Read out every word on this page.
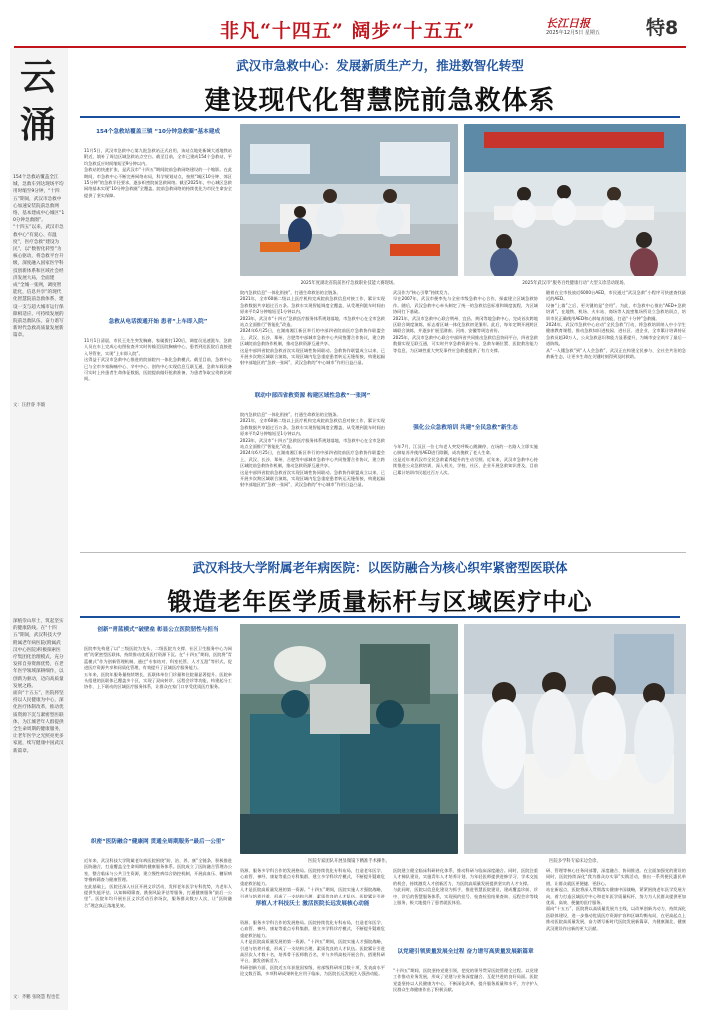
非凡“十四五” 阔步“十五五”	长江日报
2025年12月5日 星期五 特8
云
涌
154个急救站覆盖全江城，急救车到达现场平均用时缩至9分钟，“十四五”期间，武汉市急救中心加速安装院前急救网络，基本建成中心城区“10分钟急救圈”。
“十四五”以来，武汉市急救中心“有爱心、有温度”，医疗急救“建设为民”，以“数智化转型”为核心驱动，将急救平台升级，深度融入国家医学科技创新体系和区域社会经济发展大局，全面建成“全城一张网，调度智能化，信息共享”的现代化智慧院前急救体系，建设一支与超大城市运行保障相适应、可持续发展的院前急救队伍。奋力谱写新时代急救高质量发展新篇章。
文：汪舒睿 李璇
深植崇山厚土，筑起坚实的健康防线。在“十四五”期间，武汉科技大学附属老年病医院(附属武汉中心医院)积极探索医疗集团化治理模式，充分发挥自身资源优势，在老年医学领域深耕细作，以创新为驱动，迈向高质量发展之路。
面向“十五五”，医院将坚持以人民健康为中心，深化医疗体制改革，推动优质资源下沉与紧密型医联体，为江城老年人群提供全生命周期的健康服务，让老年医学之光照亮更多家庭，续写健康中国武汉新篇章。
文：齐鹏 张晓慧 程也佳
武汉市急救中心：发展新质生产力，推进数智化转型
建设现代化智慧院前急救体系
2025年度湖北省院前医疗急救职业技能大赛现场。	2025年武汉市“服务百姓健康行动”大型义诊活动现场。
154个急救站覆盖三镇 “10分钟急救圈”基本建成
11月5日，武汉市急救中心第九批急救站正式启用，该站点地处新城大道地铁站附近，填补了周边区域急救站点空白。截至目前，全市已建成154个急救站，平均急救反应时间缩短至9分钟以内。
急救站的快速扩张，是武汉市“十四五”期间院前急救网络建设的一个缩影。在此期间，市急救中心不断完善网络布局，科学规划站点，按照“城区10分钟、郊区15分钟”的急救半径要求，逐步织密院前急救网络。截至2025年，中心城区急救网络基本实现“10分钟急救圈”全覆盖。院前急救网络的持续优化为市民生命安全提供了坚实保障。
急救从电话拨通开始 患者“上车即入院”
11月1日清晨，市民王先生突发胸痛，家属拨打120后，调度员迅速派车，急救人员在车上完成心电图检查并实时传输至医院胸痛中心，患者到达医院后直接进入导管室，实现“上车即入院”。
这得益于武汉市急救中心推进的院前院内一体化急救模式。截至目前，急救中心已与全市多家胸痛中心、卒中中心、创伤中心实现信息互联互通，急救车载设备可实时上传患者生命体征数据，医院提前做好抢救准备，为患者争取宝贵救治时间。
院内急救信息“一体化衔接”，打通生命救治的全链条。
2021年，全市60辆二级以上医疗机构完成院前急救信息对接工作，累计实现急救数据共享超过百万条。急救车实现智能调度全覆盖，从受理到派车时间由原来平均2分钟缩短至1分钟以内。
2023年，武汉市“十四五”急救医疗服务体系规划落地，市急救中心在全市急救站点全面推行“智能化”改造。
2024年6月25日，在湖南湘江新区举行的中部四省院前医疗急救协作联盟会上，武汉、长沙、郑州、合肥等中部城市急救中心共同签署合作协议，建立跨区域院前急救协作机制，推动急救资源互通共享。
这是中部四省院前急救首次实现区域性协同联动。急救协作联盟成立以来，已开展多次跨区域联合演练，实现区域内危急重症患者转运无缝衔接，构建起辐射中部地区的“急救一张网”，武汉急救的“中心城市”作用日益凸显。
联动中部四省救资源 构建区域性急救“一张网”
院内急救信息“一体化衔接”，打通生命救治的全链条。
2021年，全市60辆二级以上医疗机构完成院前急救信息对接工作，累计实现急救数据共享超过百万条。急救车实现智能调度全覆盖，从受理到派车时间由原来平均2分钟缩短至1分钟以内。
2023年，武汉市“十四五”急救医疗服务体系规划落地，市急救中心在全市急救站点全面推行“智能化”改造。
2024年6月25日，在湖南湘江新区举行的中部四省院前医疗急救协作联盟会上，武汉、长沙、郑州、合肥等中部城市急救中心共同签署合作协议，建立跨区域院前急救协作机制，推动急救资源互通共享。
这是中部四省院前急救首次实现区域性协同联动。急救协作联盟成立以来，已开展多次跨区域联合演练，实现区域内危急重症患者转运无缝衔接，构建起辐射中部地区的“急救一张网”，武汉急救的“中心城市”作用日益凸显。
武汉作为“核心引擎”持续发力。
早在2007年，武汉市便率先与全省市级急救中心合作，探索建立区域急救协作。随后，武汉急救中心牵头制定了统一的急救信息标准和调度流程，为区域协同打下基础。
2021年，武汉市急救中心联合荆州、宜昌、黄冈等地急救中心，完成首次跨地区联合调度演练，标志着区域一体化急救初见雏形。此后，每年定期开展跨区域联合演练，并逐步扩展至湖南、河南、安徽等周边省份。
2025年，武汉市急救中心联合中部四省共同推出急救信息协同平台，四省急救数据实现互联互通，可实时共享急救资源分布、急救车辆位置、医院救治能力等信息，为区域性重大突发事件应急救援提供了有力支撑。
强化公众急救培训 共建“全民急救”新生态
今年7月，江汉区一位七旬老人突发呼吸心跳骤停，在场的一名路人立即实施心肺复苏并使用AED进行除颤，成功挽救了老人生命。
这是近年来武汉市全民急救素养提升的生动写照。近年来，武汉市急救中心持续推进公众急救培训，深入机关、学校、社区、企业开展急救知识普及，目前已累计培训市民超过百万人次。
随着在全市投放近6000台AED，市民通过“武汉急救”小程序可快速查找最近的AED。
设备“上墙”之后，更关键的是“会用”。为此，市急救中心推出“AED+急救培训”，在地铁、机场、火车站、商场等人流密集场所设立急救培训点，培训市民正确使用AED和心肺复苏技能，打造“十分钟”急救圈。
2024年，武汉市急救中心启动“全民急救”行动，将急救培训纳入中小学生健康教育课程，推动急救知识进校园、进社区、进企业，全市累计培训持证急救员超30万人，公众急救意识和能力显著提升，为城市安全筑牢了最后一道防线。
从“一人懂急救”到“人人会急救”，武汉正在构建全民参与、全社会共治的急救新生态，让更多生命在关键时刻得到及时救助。
武汉科技大学附属老年病医院：以医防融合为核心织牢紧密型医联体
锻造老年医学质量标杆与区域医疗中心
医院专家团队开展显微镜下精准手术操作。	医院多学科专家床边会诊。
创新“青蓝模式”破壁垒 彰显公立医院韧性与担当
医院率先构建了以“三级医院为龙头、二级医院为支撑、社区卫生服务中心为网底”的紧密型医联体，持续推动优质医疗资源下沉。在“十四五”期间，医院将“青蓝模式”作为创新管理机制，通过“专家结对、科室托管、人才互派”等形式，促进医疗资源共享和同质化管理，有效提升了区域医疗服务能力。
五年来，医院年服务量持续增长，医联体单位门诊量和住院量显著提升。医院牵头组建的医联体已覆盖多个区，实现了双向转诊、远程会诊等功能，构建起分工协作、上下联动的区域医疗服务体系，让群众在家门口享受优质医疗服务。
织密“医防融合”健康网 贯通全周期服务“最后一公里”
近年来，武汉科技大学附属老年病医院围绕“防、治、养、康”全链条，积极推进医防融合，打造覆盖全生命周期的健康服务体系。医院成立了医防融合管理办公室，整合临床与公共卫生资源，建立慢性病综合防控机制，开展高血压、糖尿病等慢病筛查与健康管理。
在此基础上，医院还深入社区开展义诊活动，发挥老年医学专科优势，为老年人提供失能评估、认知障碍筛查、跌倒风险评估等服务，打通健康服务“最后一公里”。医院年均开展社区义诊活动百余场次，服务群众数万人次，让“医防融合”理念真正落地见效。	厚植人才科技沃土 激活医院长远发展核心动能
资源、服务多学科合作的发展格局。医院持续优化专科布局，打造老年医学、心血管、神经、康复等重点专科集群，建立多学科诊疗模式，不断提升疑难危重症救治能力。
人才是医院高质量发展的第一资源。“十四五”期间，医院实施人才强院战略，引进与培养并重，形成了一支结构合理、素质优良的人才队伍。医院累计引进

资源、服务多学科合作的发展格局。医院持续优化专科布局，打造老年医学、心血管、神经、康复等重点专科集群，建立多学科诊疗模式，不断提升疑难危重症救治能力。
人才是医院高质量发展的第一资源。“十四五”期间，医院实施人才强院战略，引进与培养并重，形成了一支结构合理、素质优良的人才队伍。医院累计引进高层次人才数十名，培养骨干医师数百名，并与多所高校开展合作，搭建科研平台，激发创新活力。
科研创新方面，医院近五年获批国家级、省部级科研项目数十项，发表高水平论文数百篇，多项科研成果转化应用于临床，为医院长远发展注入强劲动能。
医院建立健全临床科研转化体系，推动科研与临床深度融合。同时，医院注重人才梯队建设，实施青年人才培养计划，为年轻医师提供进修学习、学术交流的机会，持续激发人才创新活力，为医院高质量发展提供坚实的人才支撑。
与此同时，医院以信息化建设为抓手，推进智慧医院建设，建成覆盖诊前、诊中、诊后的智慧服务体系，实现预约挂号、检查检验结果查询、远程会诊等线上服务，极大地提升了患者就医体验。
以党建引领质量发展全过程 奋力谱写高质量发展新篇章
“十四五”期间，医院坚持党建引领，把党的领导贯穿医院管理全过程。以党建工作推动业务发展，形成了党建与业务深度融合、互促共进的良好局面。医院党委坚持以人民健康为中心，不断深化改革，提升服务质量和水平，为守护人民群众生命健康作出了积极贡献。
研、管理等核心任务同部署，深度融合、协同推进。在全面加强党的建设的同时，医院持续深化“我为群众办实事”实践活动，推出一系列便民惠民举措，让群众就医更便捷、更舒心。
站在新起点，医院将深入贯彻落实健康中国战略，紧紧围绕老年医学发展方向，着力打造区域医疗中心和老年医学质量标杆，努力为人民群众提供更加优质、高效、便捷的医疗服务。
面向“十五五”，医院将以高质量发展为主线，以改革创新为动力，持续深化医联体建设，进一步推动优质医疗资源扩容和区域均衡布局，在更高起点上推动医院高质量发展，奋力谱写新时代医院发展新篇章，为健康湖北、健康武汉建设作出新的更大贡献。
